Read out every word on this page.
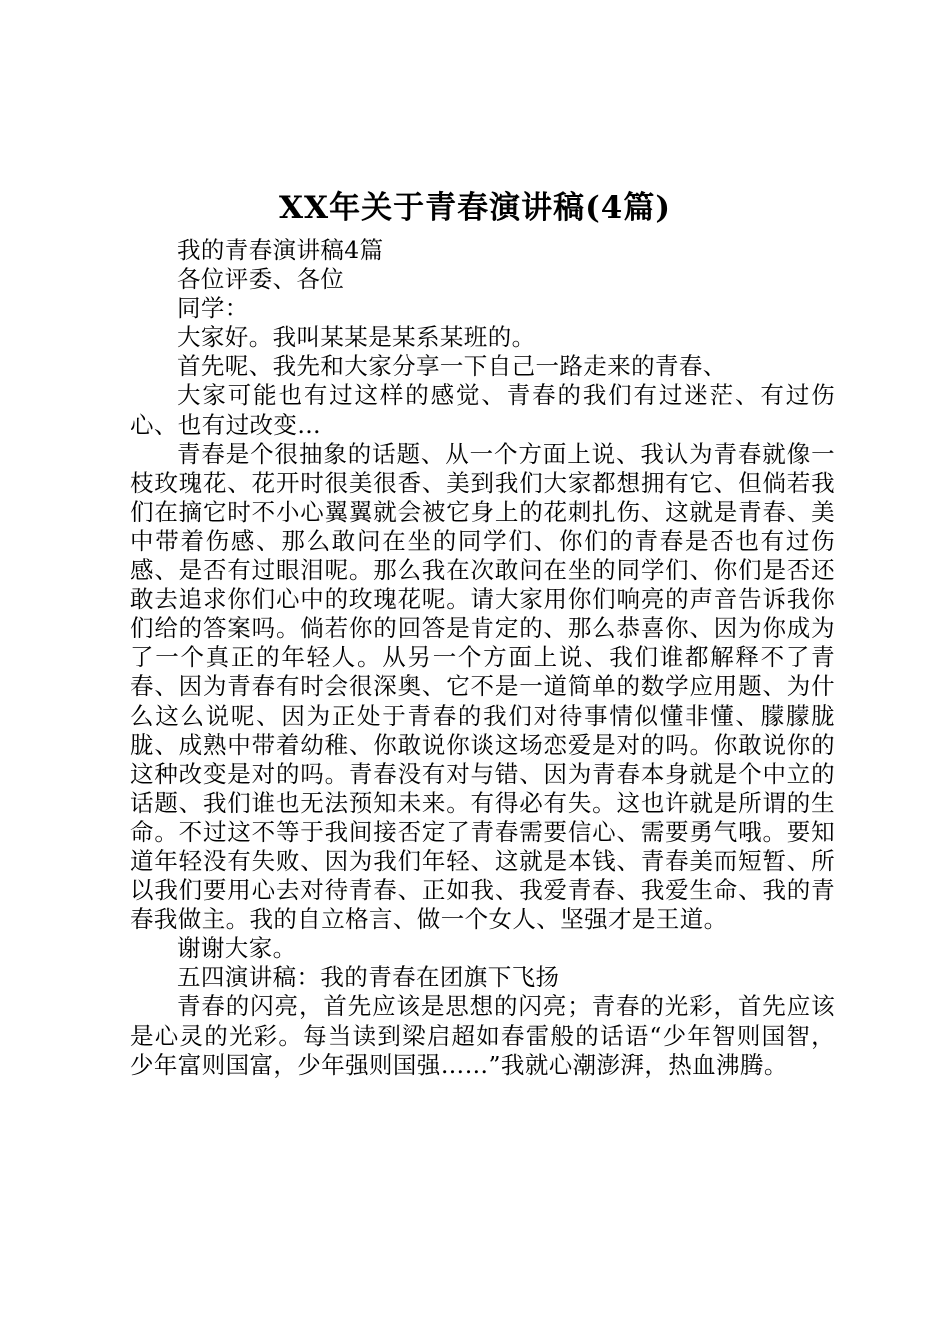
XX年关于青春演讲稿(4篇)

我的青春演讲稿4篇

各位评委、各位

同学：

大家好。我叫某某是某系某班的。

首先呢、我先和大家分享一下自己一路走来的青春、

大家可能也有过这样的感觉、青春的我们有过迷茫、有过伤心、也有过改变…

青春是个很抽象的话题、从一个方面上说、我认为青春就像一枝玫瑰花、花开时很美很香、美到我们大家都想拥有它、但倘若我们在摘它时不小心翼翼就会被它身上的花刺扎伤、这就是青春、美中带着伤感、那么敢问在坐的同学们、你们的青春是否也有过伤感、是否有过眼泪呢。那么我在次敢问在坐的同学们、你们是否还敢去追求你们心中的玫瑰花呢。请大家用你们响亮的声音告诉我你们给的答案吗。倘若你的回答是肯定的、那么恭喜你、因为你成为了一个真正的年轻人。从另一个方面上说、我们谁都解释不了青春、因为青春有时会很深奥、它不是一道简单的数学应用题、为什么这么说呢、因为正处于青春的我们对待事情似懂非懂、朦朦胧胧、成熟中带着幼稚、你敢说你谈这场恋爱是对的吗。你敢说你的这种改变是对的吗。青春没有对与错、因为青春本身就是个中立的话题、我们谁也无法预知未来。有得必有失。这也许就是所谓的生命。不过这不等于我间接否定了青春需要信心、需要勇气哦。要知道年轻没有失败、因为我们年轻、这就是本钱、青春美而短暂、所以我们要用心去对待青春、正如我、我爱青春、我爱生命、我的青春我做主。我的自立格言、做一个女人、坚强才是王道。

谢谢大家。

五四演讲稿：我的青春在团旗下飞扬

青春的闪亮，首先应该是思想的闪亮；青春的光彩，首先应该是心灵的光彩。每当读到梁启超如春雷般的话语“少年智则国智，少年富则国富，少年强则国强……”我就心潮澎湃，热血沸腾。
